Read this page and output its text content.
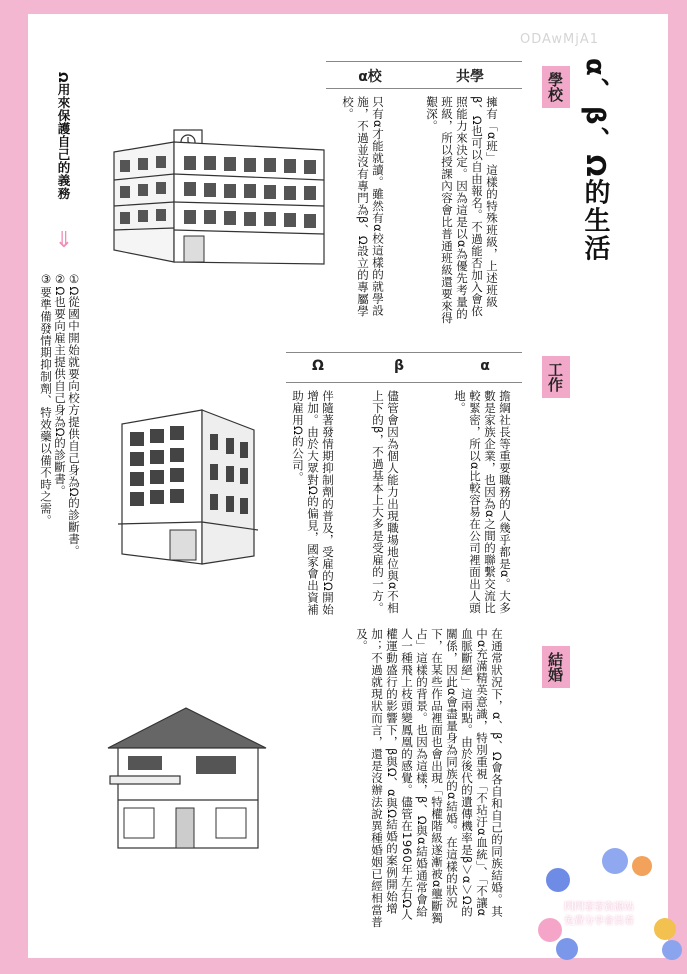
ODAwMjA1
α、β、Ω的生活
學校
工作
結婚
共學
α校
擁有「α班」這樣的特殊班級，上述班級β、Ω也可以自由報名。不過能否加入會依照能力來決定。因為這是以α為優先考量的班級，所以授課內容會比普通班級還要來得艱深。
只有α才能就讀。雖然有α校這樣的就學設施，不過並沒有專門為β、Ω設立的專屬學校。
α
β
Ω
擔綱社長等重要職務的人幾乎都是α。大多數是家族企業，也因為α之間的聯繫交流比較緊密，所以α比較容易在公司裡面出人頭地。
儘管會因為個人能力出現職場地位與α不相上下的β，不過基本上大多是受雇的一方。
伴隨著發情期抑制劑的普及，受雇的Ω開始增加。由於大眾對Ω的偏見，國家會出資補助雇用Ω的公司。
在通常狀況下，α、β、Ω會各自和自己的同族結婚。其中α充滿精英意識，特別重視「不玷汙α血統」、「不讓α血脈斷絕」這兩點。由於後代的遺傳機率是β＞α＞Ω的關係，因此α會盡量身為同族的α結婚。在這樣的狀況下，在某些作品裡面也會出現「特權階級遂漸被α壟斷獨占」這樣的背景。也因為這樣，β、Ω與α結婚通常會給人一種飛上枝頭變鳳凰的感覺。儘管在1960年左右Ω人權運動盛行的影響下，β與Ω、α與Ω結婚的案例開始增加；不過就現狀而言，還是沒辦法說異種婚姻已經相當普及。
Ω用來保護自己的義務
⇓
①Ω從國中開始就要向校方提供自己身為Ω的診斷書。
②Ω也要向雇主提供自己身為Ω的診斷書。
③要準備發情期抑制劑、特效藥以備不時之需。
閃閃霏霏資源站
免費分享會員看
